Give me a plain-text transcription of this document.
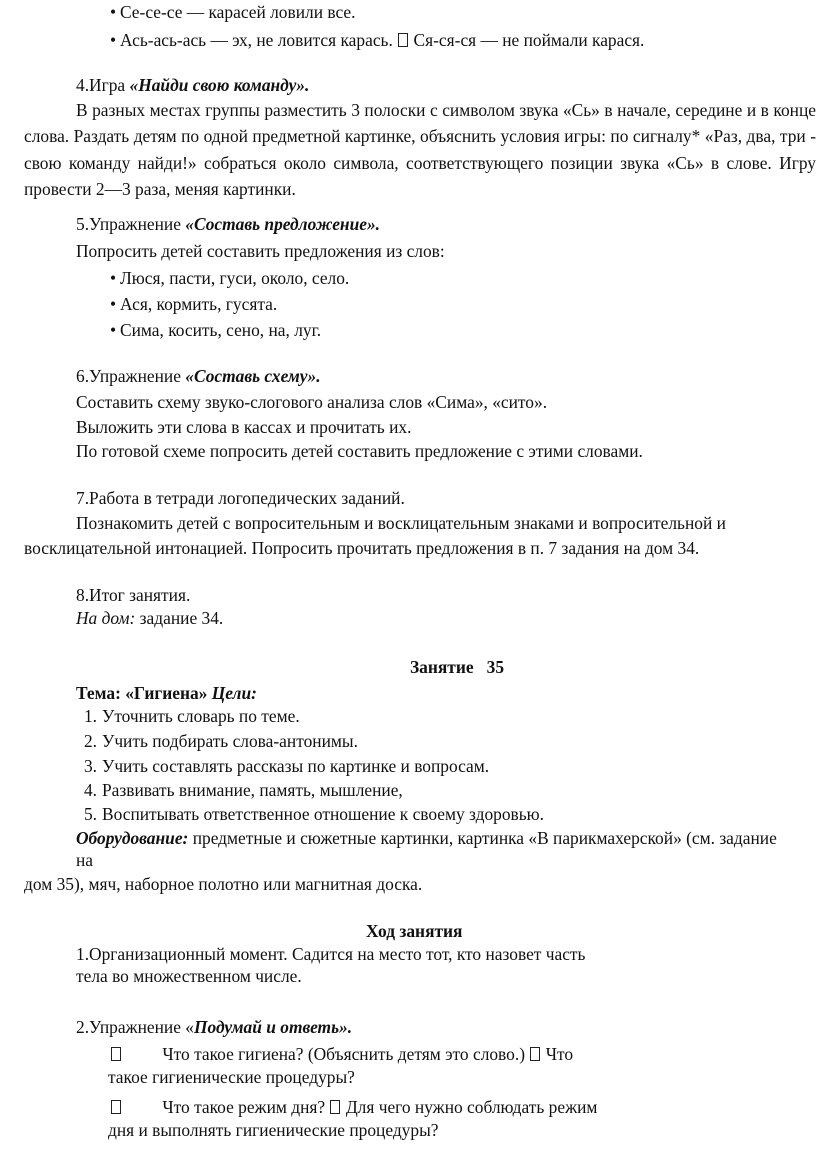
• Се-се-се — карасей ловили все.
• Ась-ась-ась — эх, не ловится карась. Ся-ся-ся — не поймали карася.
4.Игра «Найди свою команду».
В разных местах группы разместить 3 полоски с символом звука «Сь» в начале, середине и в конце слова. Раздать детям по одной предметной картинке, объяснить условия игры: по сигналу* «Раз, два, три - свою команду найди!» собраться около символа, соответствующего позиции звука «Сь» в слове. Игру провести 2—3 раза, меняя картинки.
5.Упражнение «Составь предложение».
Попросить детей составить предложения из слов:
• Люся, пасти, гуси, около, село.
• Ася, кормить, гусята.
• Сима, косить, сено, на, луг.
6.Упражнение «Составь схему».
Составить схему звуко-слогового анализа слов «Сима», «сито».
Выложить эти слова в кассах и прочитать их.
По готовой схеме попросить детей составить предложение с этими словами.
7.Работа в тетради логопедических заданий.
Познакомить детей с вопросительным и восклицательным знаками и вопросительной и
восклицательной интонацией. Попросить прочитать предложения в п. 7 задания на дом 34.
8.Итог занятия.
На дом: задание 34.
Занятие   35
Тема: «Гигиена» Цели:
1. Уточнить словарь по теме.
2. Учить подбирать слова-антонимы.
3. Учить составлять рассказы по картинке и вопросам.
4. Развивать внимание, память, мышление,
5. Воспитывать ответственное отношение к своему здоровью.
Оборудование: предметные и сюжетные картинки, картинка «В парикмахерской» (см. задание
на
дом 35), мяч, наборное полотно или магнитная доска.
Ход занятия
1.Организационный момент. Садится на место тот, кто назовет часть
тела во множественном числе.
2.Упражнение «Подумай и ответь».
Что такое гигиена? (Объяснить детям это слово.)  Что
такое гигиенические процедуры?
Что такое режим дня?  Для чего нужно соблюдать режим
дня и выполнять гигиенические процедуры?
